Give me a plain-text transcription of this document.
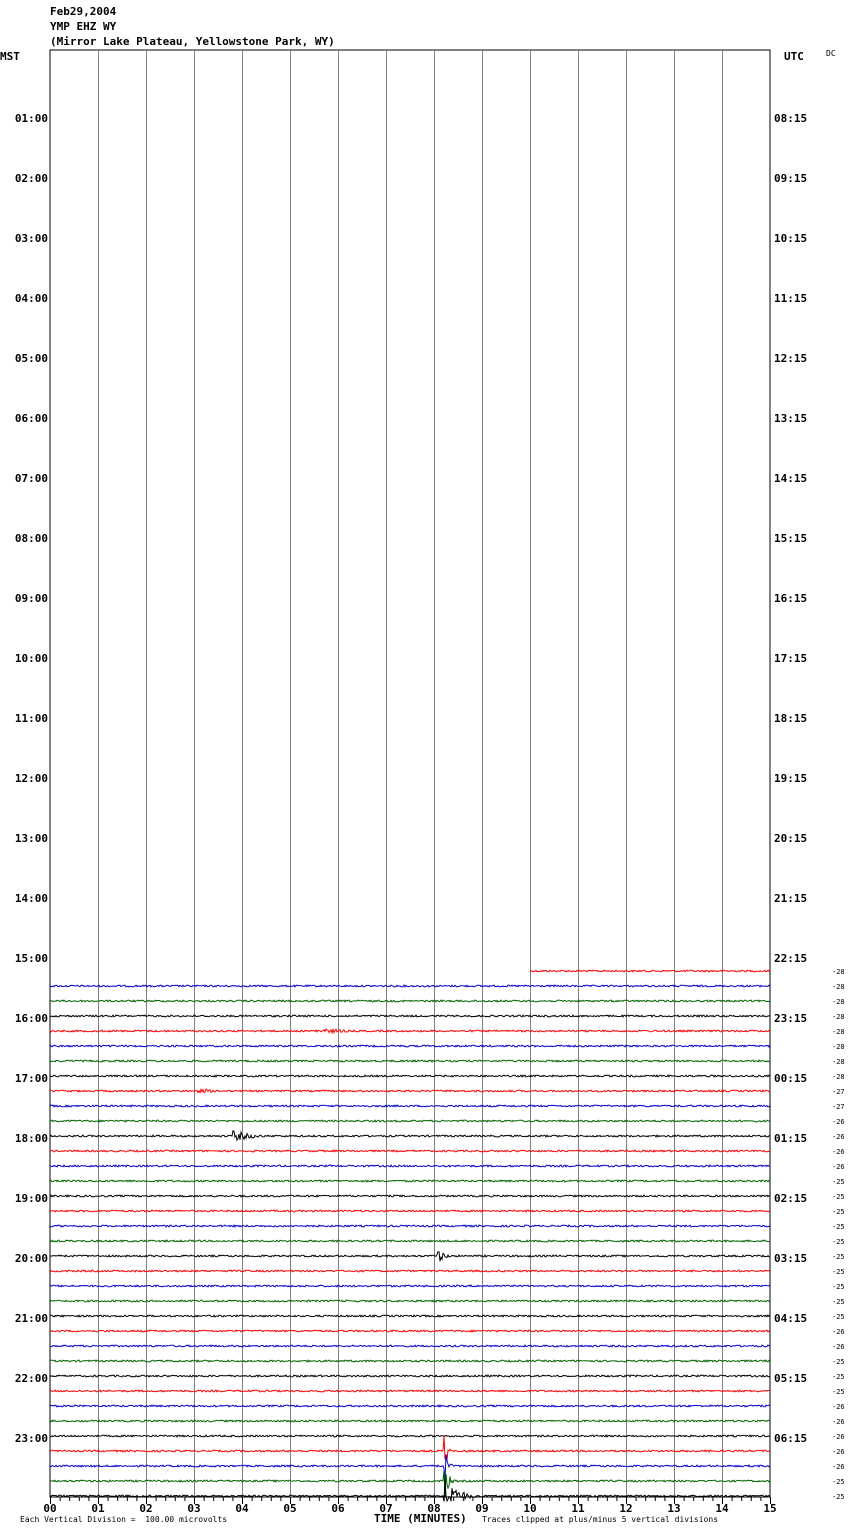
Feb29,2004
YMP EHZ WY
(Mirror Lake Plateau, Yellowstone Park, WY)
MST	UTC	DC
00	01	02	03	04	05	06	07	08	09	10	11	12	13	14	15
01:00
02:00
03:00
04:00
05:00
06:00
07:00
08:00
09:00
10:00
11:00
12:00
13:00
14:00
15:00
16:00
17:00
18:00
19:00
20:00
21:00
22:00
23:00
08:15
09:15
10:15
11:15
12:15
13:15
14:15
15:15
16:15
17:15
18:15
19:15
20:15
21:15
22:15
23:15
00:15
01:15
02:15
03:15
04:15
05:15
06:15
-28
-28
-28
-28
-28
-28
-28
-28
-27
-27
-26
-26
-26
-26
-25
-25
-25
-25
-25
-25
-25
-25
-25
-25
-26
-26
-25
-25
-25
-26
-26
-26
-26
-26
-25
-25
Each Vertical Division =  100.00 microvolts	TIME (MINUTES) Traces clipped at plus/minus 5 vertical divisions
